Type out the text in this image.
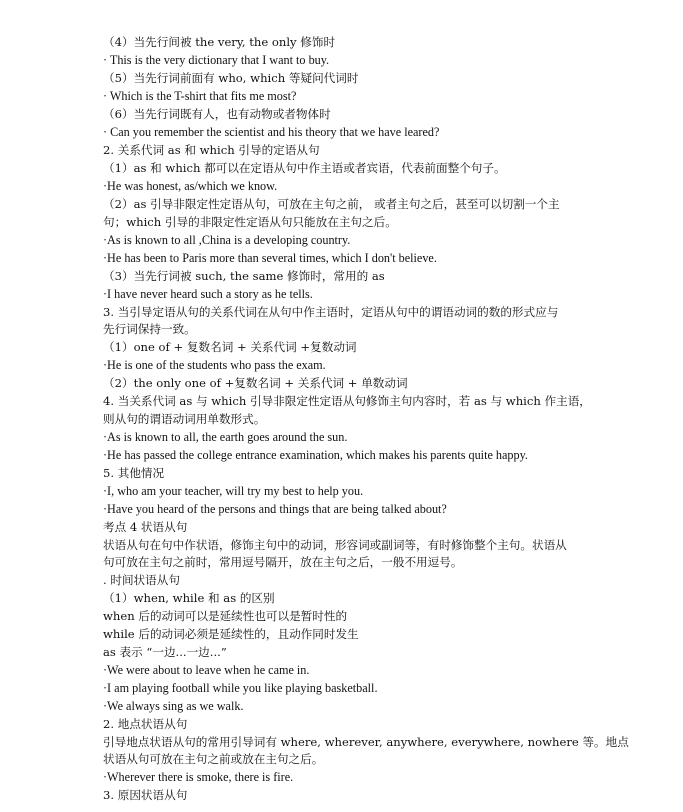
（4）当先行间被 the very, the only 修饰时
· This is the very dictionary that I want to buy.
（5）当先行词前面有 who, which 等疑问代词时
· Which is the T-shirt that fits me most?
（6）当先行词既有人，也有动物或者物体时
· Can you remember the scientist and his theory that we have leared?
2. 关系代词 as 和 which 引导的定语从句
（1）as 和 which 都可以在定语从句中作主语或者宾语，代表前面整个句子。
·He was honest, as/which we know.
（2）as 引导非限定性定语从句，可放在主句之前， 或者主句之后，甚至可以切割一个主
句；which 引导的非限定性定语从句只能放在主句之后。
·As is known to all ,China is a developing country.
·He has been to Paris more than several times, which I don't believe.
（3）当先行词被 such, the same 修饰时，常用的 as
·I have never heard such a story as he tells.
3. 当引导定语从句的关系代词在从句中作主语时，定语从句中的谓语动词的数的形式应与
先行词保持一致。
（1）one of + 复数名词 + 关系代词 +复数动词
·He is one of the students who pass the exam.
（2）the only one of +复数名词 + 关系代词 + 单数动词
4. 当关系代词 as 与 which 引导非限定性定语从句修饰主句内容时，若 as 与 which 作主语，
则从句的谓语动词用单数形式。
·As is known to all, the earth goes around the sun.
·He has passed the college entrance examination, which makes his parents quite happy.
5. 其他情况
·I, who am your teacher, will try my best to help you.
·Have you heard of the persons and things that are being talked about?
考点 4 状语从句
状语从句在句中作状语，修饰主句中的动词，形容词或副词等，有时修饰整个主句。状语从
句可放在主句之前时，常用逗号隔开，放在主句之后，一般不用逗号。
. 时间状语从句
（1）when, while 和 as 的区别
when 后的动词可以是延续性也可以是暂时性的
while 后的动词必须是延续性的，且动作同时发生
as 表示 “一边...一边...”
·We were about to leave when he came in.
·I am playing football while you like playing basketball.
·We always sing as we walk.
2. 地点状语从句
引导地点状语从句的常用引导词有 where, wherever, anywhere, everywhere, nowhere 等。地点
状语从句可放在主句之前或放在主句之后。
·Wherever there is smoke, there is fire.
3. 原因状语从句
